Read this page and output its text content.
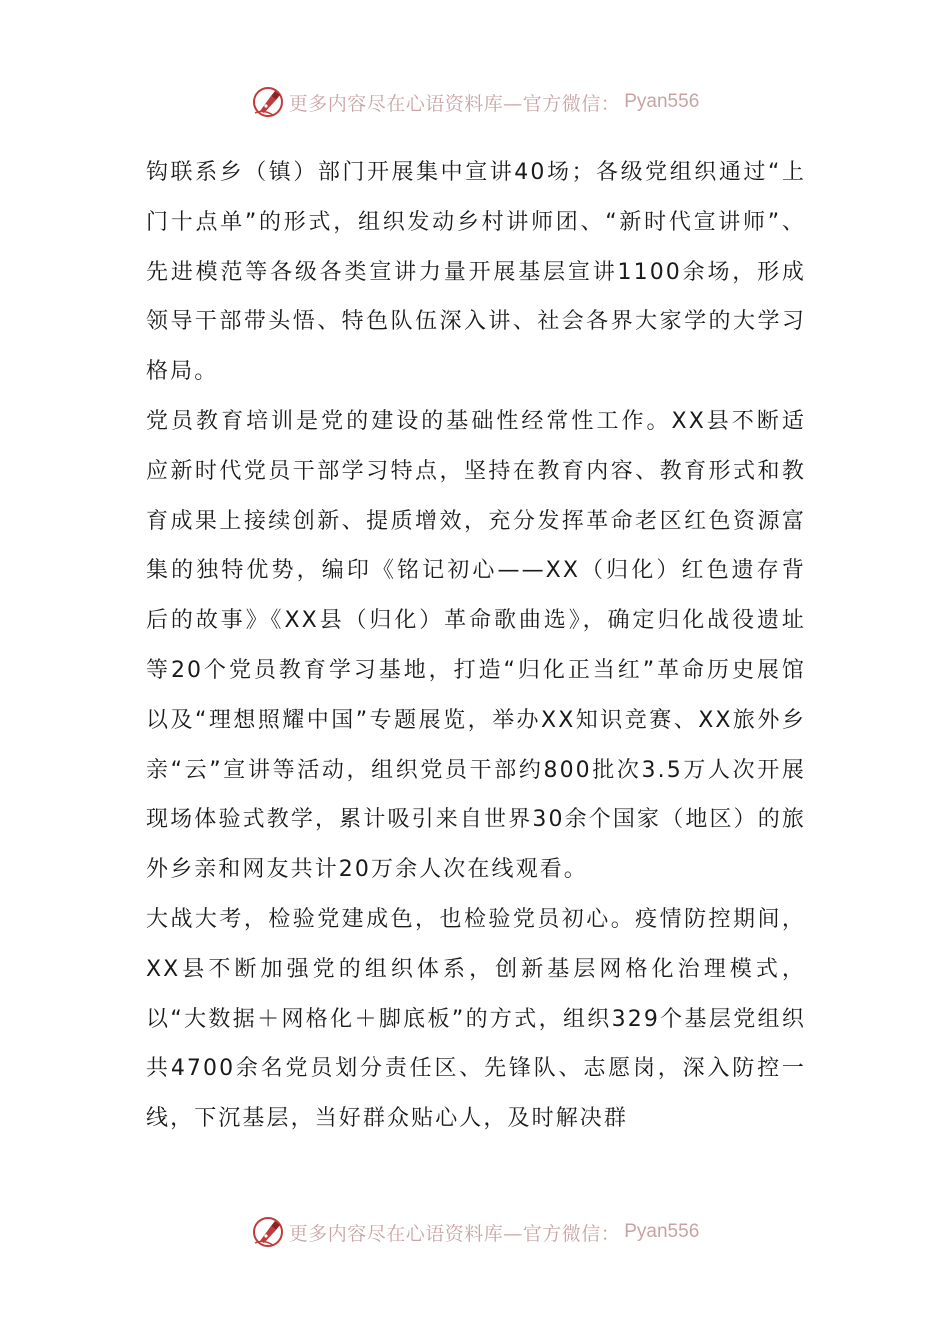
更多内容尽在心语资料库—官方微信： Pyan556

钩联系乡（镇）部门开展集中宣讲40场；各级党组织通过“上门十点单”的形式，组织发动乡村讲师团、“新时代宣讲师”、先进模范等各级各类宣讲力量开展基层宣讲1100余场，形成领导干部带头悟、特色队伍深入讲、社会各界大家学的大学习格局。

党员教育培训是党的建设的基础性经常性工作。XX县不断适应新时代党员干部学习特点，坚持在教育内容、教育形式和教育成果上接续创新、提质增效，充分发挥革命老区红色资源富集的独特优势，编印《铭记初心——XX（归化）红色遗存背后的故事》《XX县（归化）革命歌曲选》，确定归化战役遗址等20个党员教育学习基地，打造“归化正当红”革命历史展馆以及“理想照耀中国”专题展览，举办XX知识竞赛、XX旅外乡亲“云”宣讲等活动，组织党员干部约800批次3.5万人次开展现场体验式教学，累计吸引来自世界30余个国家（地区）的旅外乡亲和网友共计20万余人次在线观看。

大战大考，检验党建成色，也检验党员初心。疫情防控期间，XX县不断加强党的组织体系，创新基层网格化治理模式，以“大数据＋网格化＋脚底板”的方式，组织329个基层党组织共4700余名党员划分责任区、先锋队、志愿岗，深入防控一线，下沉基层，当好群众贴心人，及时解决群

更多内容尽在心语资料库—官方微信： Pyan556
